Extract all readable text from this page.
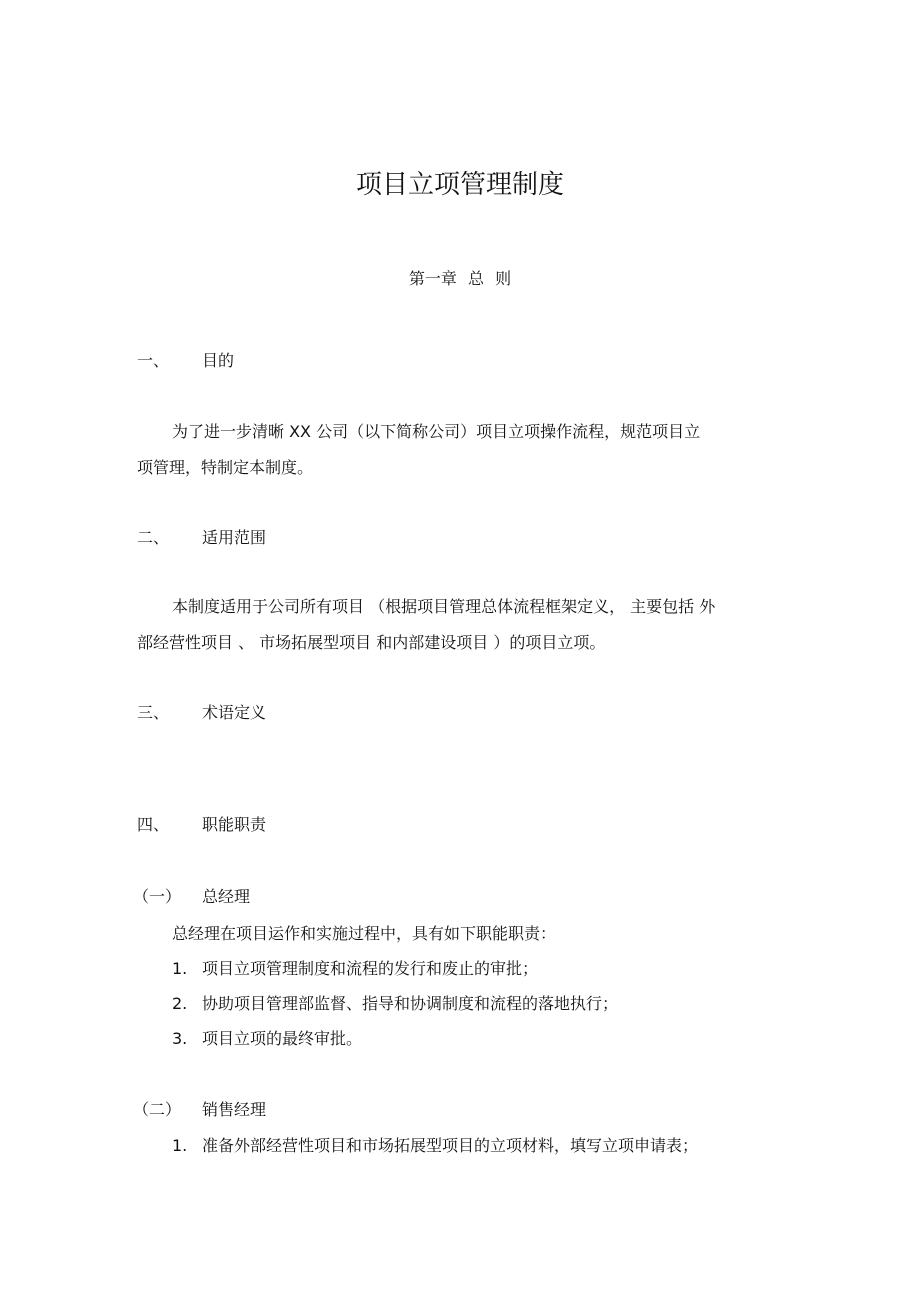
项目立项管理制度
第一章 总 则
一、 目的
为了进一步清晰 XX 公司（以下简称公司）项目立项操作流程，规范项目立
项管理，特制定本制度。
二、 适用范围
本制度适用于公司所有项目 （根据项目管理总体流程框架定义， 主要包括 外
部经营性项目 、 市场拓展型项目 和内部建设项目 ）的项目立项。
三、 术语定义
四、 职能职责
（一） 总经理
总经理在项目运作和实施过程中，具有如下职能职责：
1. 项目立项管理制度和流程的发行和废止的审批；
2. 协助项目管理部监督、指导和协调制度和流程的落地执行；
3. 项目立项的最终审批。
（二） 销售经理
1. 准备外部经营性项目和市场拓展型项目的立项材料，填写立项申请表；
